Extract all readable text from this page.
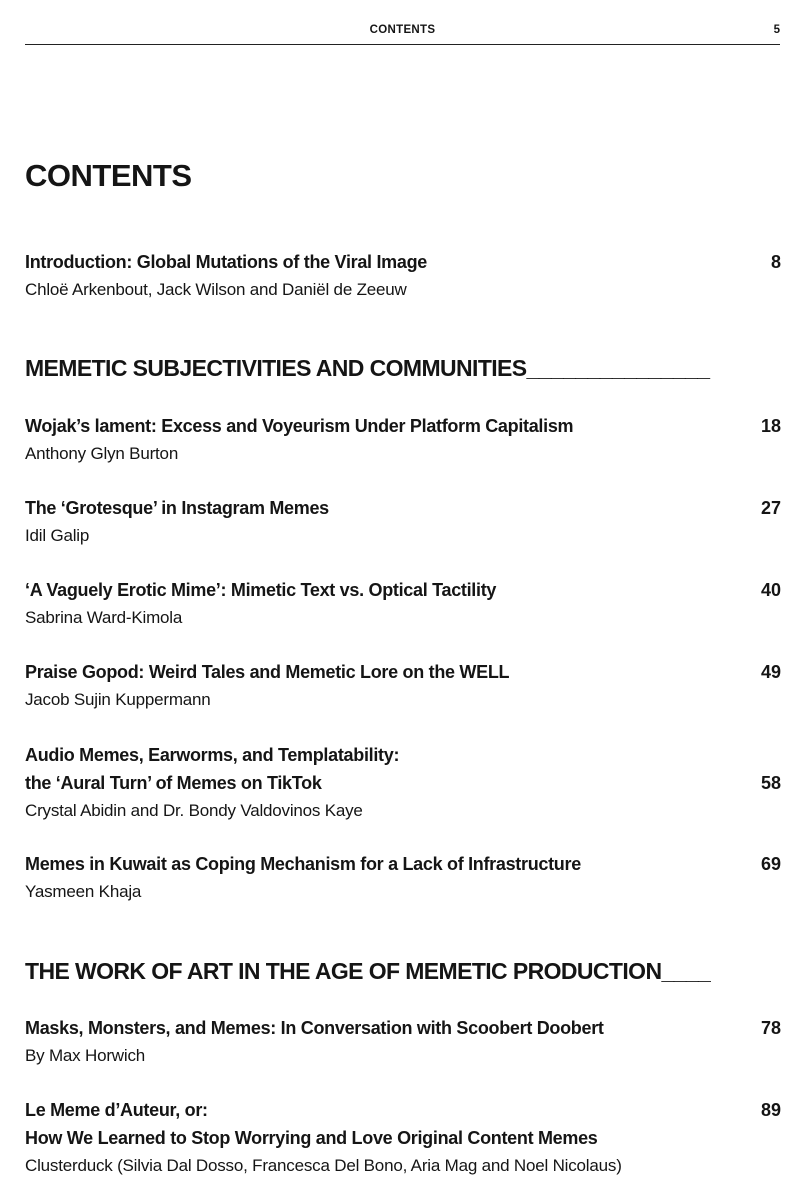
CONTENTS	5
CONTENTS
Introduction: Global Mutations of the Viral Image
Chloë Arkenbout, Jack Wilson and Daniël de Zeeuw
8
MEMETIC SUBJECTIVITIES AND COMMUNITIES_______________
Wojak’s lament: Excess and Voyeurism Under Platform Capitalism
Anthony Glyn Burton
18
The ‘Grotesque’ in Instagram Memes
Idil Galip
27
‘A Vaguely Erotic Mime’: Mimetic Text vs. Optical Tactility
Sabrina Ward-Kimola
40
Praise Gopod: Weird Tales and Memetic Lore on the WELL
Jacob Sujin Kuppermann
49
Audio Memes, Earworms, and Templatability:
the ‘Aural Turn’ of Memes on TikTok
Crystal Abidin and Dr. Bondy Valdovinos Kaye
58
Memes in Kuwait as Coping Mechanism for a Lack of Infrastructure
Yasmeen Khaja
69
THE WORK OF ART IN THE AGE OF MEMETIC PRODUCTION____
Masks, Monsters, and Memes: In Conversation with Scoobert Doobert
By Max Horwich
78
Le Meme d’Auteur, or:
How We Learned to Stop Worrying and Love Original Content Memes
Clusterduck (Silvia Dal Dosso, Francesca Del Bono, Aria Mag and Noel Nicolaus)
89
